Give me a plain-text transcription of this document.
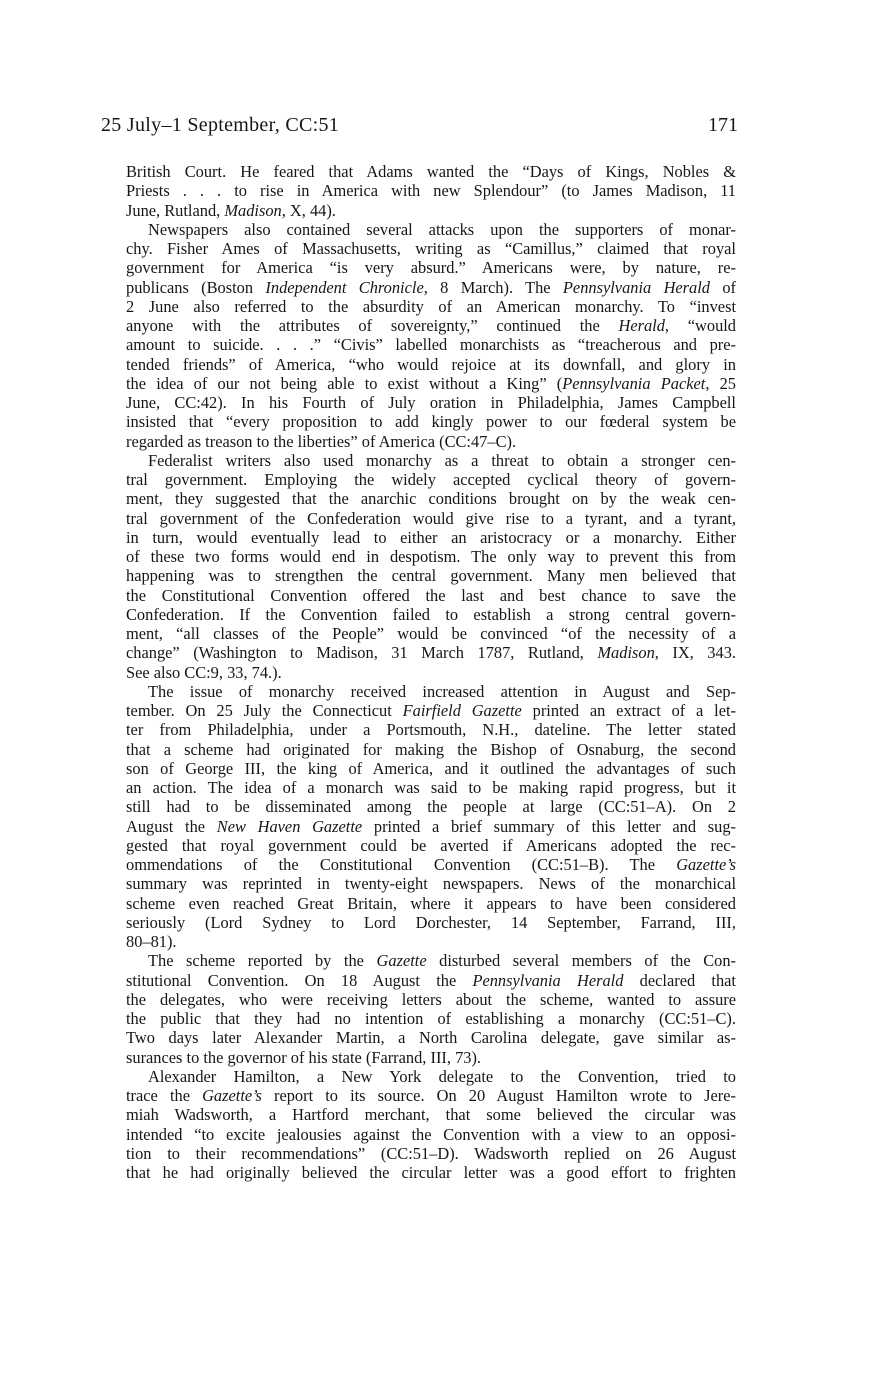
25 July–1 September, CC:51	171
British Court. He feared that Adams wanted the “Days of Kings, Nobles &
Priests . . . to rise in America with new Splendour” (to James Madison, 11
June, Rutland, Madison, X, 44).
Newspapers also contained several attacks upon the supporters of monar-
chy. Fisher Ames of Massachusetts, writing as “Camillus,” claimed that royal
government for America “is very absurd.” Americans were, by nature, re-
publicans (Boston Independent Chronicle, 8 March). The Pennsylvania Herald of
2 June also referred to the absurdity of an American monarchy. To “invest
anyone with the attributes of sovereignty,” continued the Herald, “would
amount to suicide. . . .” “Civis” labelled monarchists as “treacherous and pre-
tended friends” of America, “who would rejoice at its downfall, and glory in
the idea of our not being able to exist without a King” (Pennsylvania Packet, 25
June, CC:42). In his Fourth of July oration in Philadelphia, James Campbell
insisted that “every proposition to add kingly power to our fœderal system be
regarded as treason to the liberties” of America (CC:47–C).
Federalist writers also used monarchy as a threat to obtain a stronger cen-
tral government. Employing the widely accepted cyclical theory of govern-
ment, they suggested that the anarchic conditions brought on by the weak cen-
tral government of the Confederation would give rise to a tyrant, and a tyrant,
in turn, would eventually lead to either an aristocracy or a monarchy. Either
of these two forms would end in despotism. The only way to prevent this from
happening was to strengthen the central government. Many men believed that
the Constitutional Convention offered the last and best chance to save the
Confederation. If the Convention failed to establish a strong central govern-
ment, “all classes of the People” would be convinced “of the necessity of a
change” (Washington to Madison, 31 March 1787, Rutland, Madison, IX, 343.
See also CC:9, 33, 74.).
The issue of monarchy received increased attention in August and Sep-
tember. On 25 July the Connecticut Fairfield Gazette printed an extract of a let-
ter from Philadelphia, under a Portsmouth, N.H., dateline. The letter stated
that a scheme had originated for making the Bishop of Osnaburg, the second
son of George III, the king of America, and it outlined the advantages of such
an action. The idea of a monarch was said to be making rapid progress, but it
still had to be disseminated among the people at large (CC:51–A). On 2
August the New Haven Gazette printed a brief summary of this letter and sug-
gested that royal government could be averted if Americans adopted the rec-
ommendations of the Constitutional Convention (CC:51–B). The Gazette’s
summary was reprinted in twenty-eight newspapers. News of the monarchical
scheme even reached Great Britain, where it appears to have been considered
seriously (Lord Sydney to Lord Dorchester, 14 September, Farrand, III,
80–81).
The scheme reported by the Gazette disturbed several members of the Con-
stitutional Convention. On 18 August the Pennsylvania Herald declared that
the delegates, who were receiving letters about the scheme, wanted to assure
the public that they had no intention of establishing a monarchy (CC:51–C).
Two days later Alexander Martin, a North Carolina delegate, gave similar as-
surances to the governor of his state (Farrand, III, 73).
Alexander Hamilton, a New York delegate to the Convention, tried to
trace the Gazette’s report to its source. On 20 August Hamilton wrote to Jere-
miah Wadsworth, a Hartford merchant, that some believed the circular was
intended “to excite jealousies against the Convention with a view to an opposi-
tion to their recommendations” (CC:51–D). Wadsworth replied on 26 August
that he had originally believed the circular letter was a good effort to frighten
